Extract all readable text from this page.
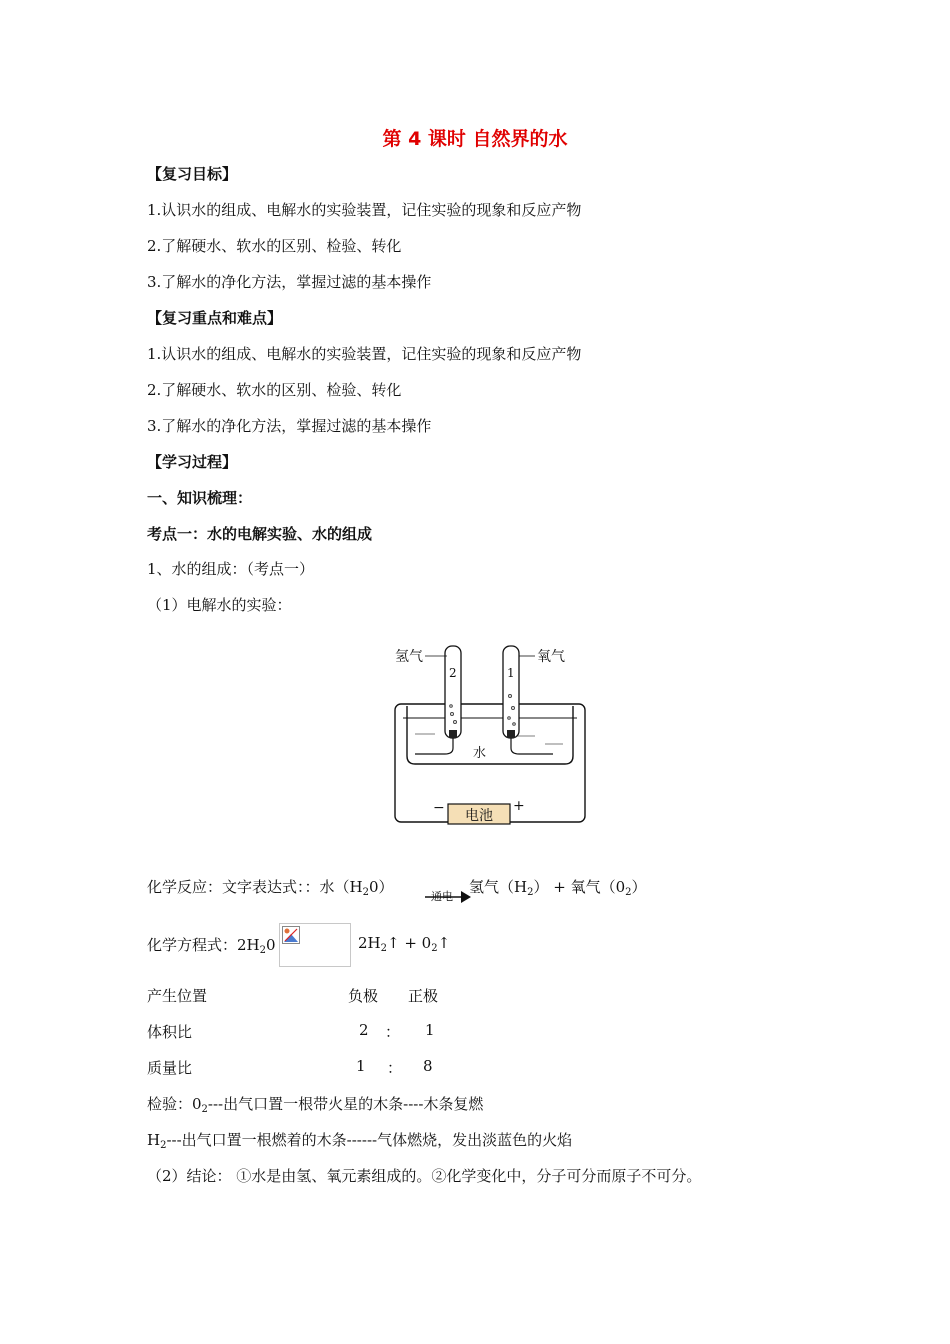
第 4 课时 自然界的水
【复习目标】
1.认识水的组成、电解水的实验装置，记住实验的现象和反应产物
2.了解硬水、软水的区别、检验、转化
3.了解水的净化方法，掌握过滤的基本操作
【复习重点和难点】
1.认识水的组成、电解水的实验装置，记住实验的现象和反应产物
2.了解硬水、软水的区别、检验、转化
3.了解水的净化方法，掌握过滤的基本操作
【学习过程】
一、知识梳理：
考点一：水的电解实验、水的组成
1、水的组成：（考点一）
（1）电解水的实验：
氢气	氧气
2	1
水
电池
−	+
化学反应：文字表达式：：水$(H_20)$
通电
氢气$(H_2)$ + 氧气$(0_2)$
化学方程式：$2H_20$	$2H_2↑$ + $0_2↑$
产生位置	负极 正极
体积比	2 ： 1
质量比	1 ： 8
检验：$0_2---$出气口置一根带火星的木条----木条复燃
$H_2---$出气口置一根燃着的木条------气体燃烧，发出淡蓝色的火焰
（2）结论： ①水是由氢、氧元素组成的。②化学变化中，分子可分而原子不可分。
